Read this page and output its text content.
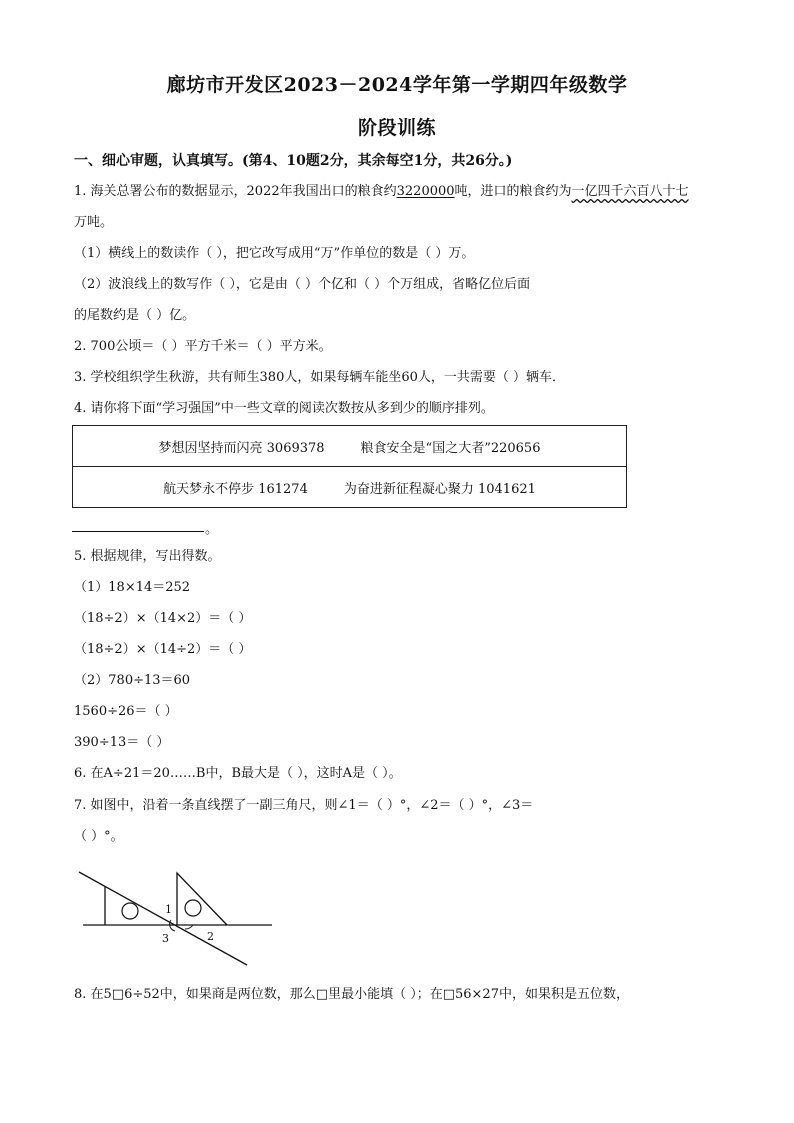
廊坊市开发区2023－2024学年第一学期四年级数学
阶段训练
一、细心审题，认真填写。(第4、10题2分，其余每空1分，共26分。)
1. 海关总署公布的数据显示，2022年我国出口的粮食约3220000吨，进口的粮食约为一亿四千六百八十七
万吨。
（1）横线上的数读作（ ），把它改写成用“万”作单位的数是（ ）万。
（2）波浪线上的数写作（ ），它是由（ ）个亿和（ ）个万组成，省略亿位后面
的尾数约是（ ）亿。
2. 700公顷＝（ ）平方千米＝（ ）平方米。
3. 学校组织学生秋游，共有师生380人，如果每辆车能坐60人，一共需要（ ）辆车．
4. 请你将下面“学习强国”中一些文章的阅读次数按从多到少的顺序排列。
梦想因坚持而闪亮 3069378	粮食安全是“国之大者”220656

航天梦永不停步 161274	为奋进新征程凝心聚力 1041621
。
5. 根据规律，写出得数。
（1）18×14＝252
（18÷2）×（14×2）＝（ ）
（18÷2）×（14÷2）＝（ ）
（2）780÷13＝60
1560÷26＝（ ）
390÷13＝（ ）
6. 在A÷21＝20……B中，B最大是（ ），这时A是（ ）。
7. 如图中，沿着一条直线摆了一副三角尺，则∠1＝（ ）°，∠2＝（ ）°，∠3＝
（ ）°。
1
2
3
8. 在5□6÷52中，如果商是两位数，那么□里最小能填（ ）；在□56×27中，如果积是五位数，
